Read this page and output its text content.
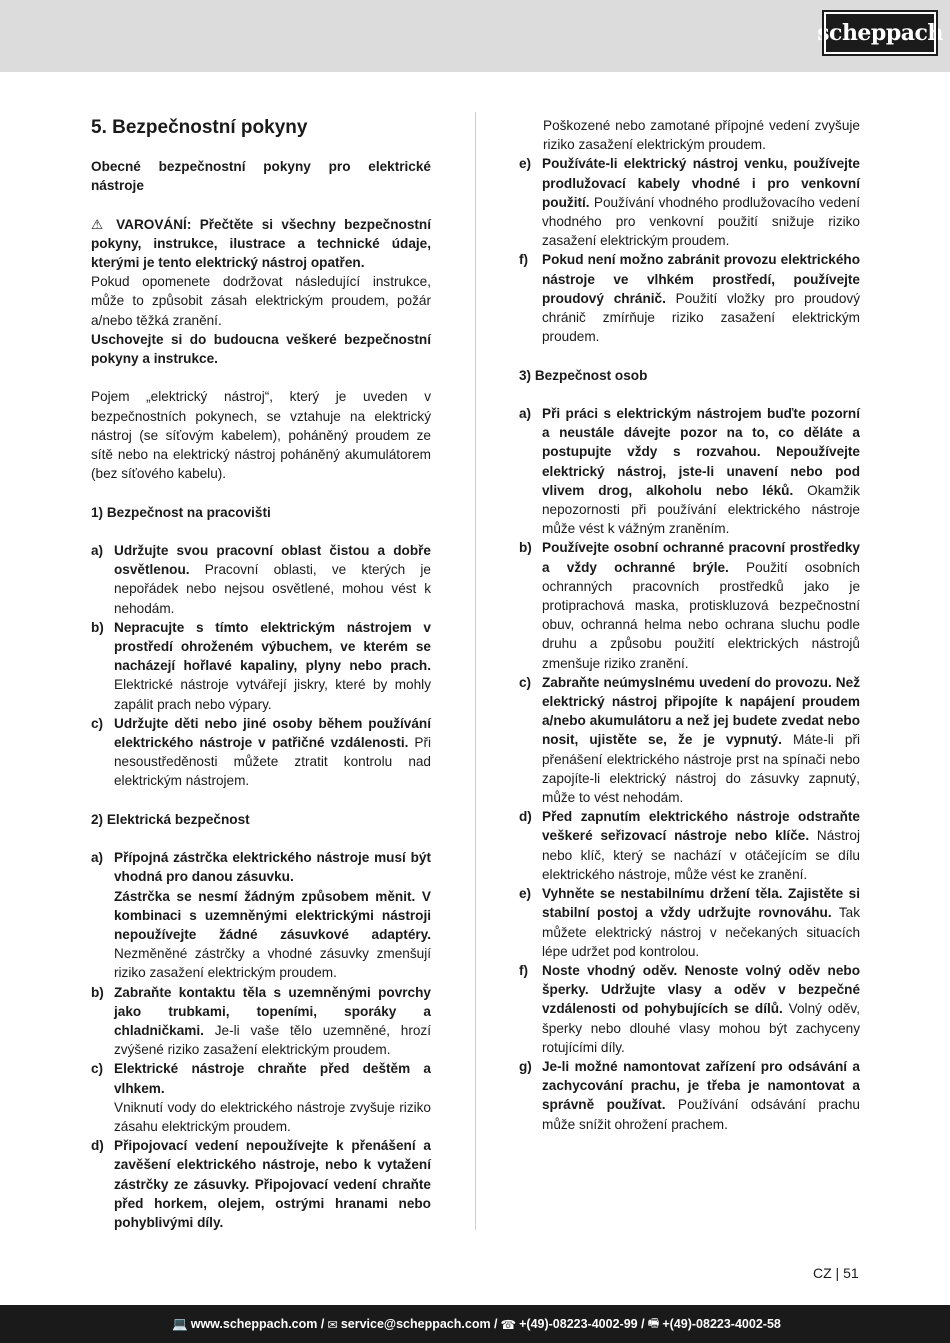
scheppach
5. Bezpečnostní pokyny

Obecné bezpečnostní pokyny pro elektrické nástroje

⚠ VAROVÁNÍ: Přečtěte si všechny bezpečnostní pokyny, instrukce, ilustrace a technické údaje, kterými je tento elektrický nástroj opatřen.

Pokud opomenete dodržovat následující instrukce, může to způsobit zásah elektrickým proudem, požár a/nebo těžká zranění.

Uschovejte si do budoucna veškeré bezpečnostní pokyny a instrukce.

Pojem „elektrický nástroj“, který je uveden v bezpečnostních pokynech, se vztahuje na elektrický nástroj (se síťovým kabelem), poháněný proudem ze sítě nebo na elektrický nástroj poháněný akumulátorem (bez síťového kabelu).

1) Bezpečnost na pracovišti

a) Udržujte svou pracovní oblast čistou a dobře osvětlenou. Pracovní oblasti, ve kterých je nepořádek nebo nejsou osvětlené, mohou vést k nehodám.
b) Nepracujte s tímto elektrickým nástrojem v prostředí ohroženém výbuchem, ve kterém se nacházejí hořlavé kapaliny, plyny nebo prach. Elektrické nástroje vytvářejí jiskry, které by mohly zapálit prach nebo výpary.
c) Udržujte děti nebo jiné osoby během používání elektrického nástroje v patřičné vzdálenosti. Při nesoustředěnosti můžete ztratit kontrolu nad elektrickým nástrojem.

2) Elektrická bezpečnost

a) Přípojná zástrčka elektrického nástroje musí být vhodná pro danou zásuvku.
Zástrčka se nesmí žádným způsobem měnit. V kombinaci s uzemněnými elektrickými nástroji nepoužívejte žádné zásuvkové adaptéry. Nezměněné zástrčky a vhodné zásuvky zmenšují riziko zasažení elektrickým proudem.
b) Zabraňte kontaktu těla s uzemněnými povrchy jako trubkami, topeními, sporáky a chladničkami. Je-li vaše tělo uzemněné, hrozí zvýšené riziko zasažení elektrickým proudem.
c) Elektrické nástroje chraňte před deštěm a vlhkem.
Vniknutí vody do elektrického nástroje zvyšuje riziko zásahu elektrickým proudem.
d) Připojovací vedení nepoužívejte k přenášení a zavěšení elektrického nástroje, nebo k vytažení zástrčky ze zásuvky. Připojovací vedení chraňte před horkem, olejem, ostrými hranami nebo pohyblivými díly.

Poškozené nebo zamotané přípojné vedení zvyšuje riziko zasažení elektrickým proudem.

e) Používáte-li elektrický nástroj venku, používejte prodlužovací kabely vhodné i pro venkovní použití. Používání vhodného prodlužovacího vedení vhodného pro venkovní použití snižuje riziko zasažení elektrickým proudem.
f)	Pokud není možno zabránit provozu elektrického nástroje ve vlhkém prostředí, používejte proudový chránič. Použití vložky pro proudový chránič zmírňuje riziko zasažení elektrickým proudem.

3) Bezpečnost osob

a) Při práci s elektrickým nástrojem buďte pozorní a neustále dávejte pozor na to, co děláte a postupujte vždy s rozvahou. Nepoužívejte elektrický nástroj, jste-li unavení nebo pod vlivem drog, alkoholu nebo léků. Okamžik nepozornosti při používání elektrického nástroje může vést k vážným zraněním.
b) Používejte osobní ochranné pracovní prostředky a vždy ochranné brýle. Použití osobních ochranných pracovních prostředků jako je protiprachová maska, protiskluzová bezpečnostní obuv, ochranná helma nebo ochrana sluchu podle druhu a způsobu použití elektrických nástrojů zmenšuje riziko zranění.
c) Zabraňte neúmyslnému uvedení do provozu. Než elektrický nástroj připojíte k napájení proudem a/nebo akumulátoru a než jej budete zvedat nebo nosit, ujistěte se, že je vypnutý. Máte-li při přenášení elektrického nástroje prst na spínači nebo zapojíte-li elektrický nástroj do zásuvky zapnutý, může to vést nehodám.
d) Před zapnutím elektrického nástroje odstraňte veškeré seřizovací nástroje nebo klíče. Nástroj nebo klíč, který se nachází v otáčejícím se dílu elektrického nástroje, může vést ke zranění.
e) Vyhněte se nestabilnímu držení těla. Zajistěte si stabilní postoj a vždy udržujte rovnováhu. Tak můžete elektrický nástroj v nečekaných situacích lépe udržet pod kontrolou.
f)	Noste vhodný oděv. Nenoste volný oděv nebo šperky. Udržujte vlasy a oděv v bezpečné vzdálenosti od pohybujících se dílů. Volný oděv, šperky nebo dlouhé vlasy mohou být zachyceny rotujícími díly.
g) Je-li možné namontovat zařízení pro odsávání a zachycování prachu, je třeba je namontovat a správně používat. Používání odsávání prachu může snížit ohrožení prachem.
CZ | 51
💻 www.scheppach.com / ✉ service@scheppach.com / ☎ +(49)-08223-4002-99 / 🖷 +(49)-08223-4002-58
